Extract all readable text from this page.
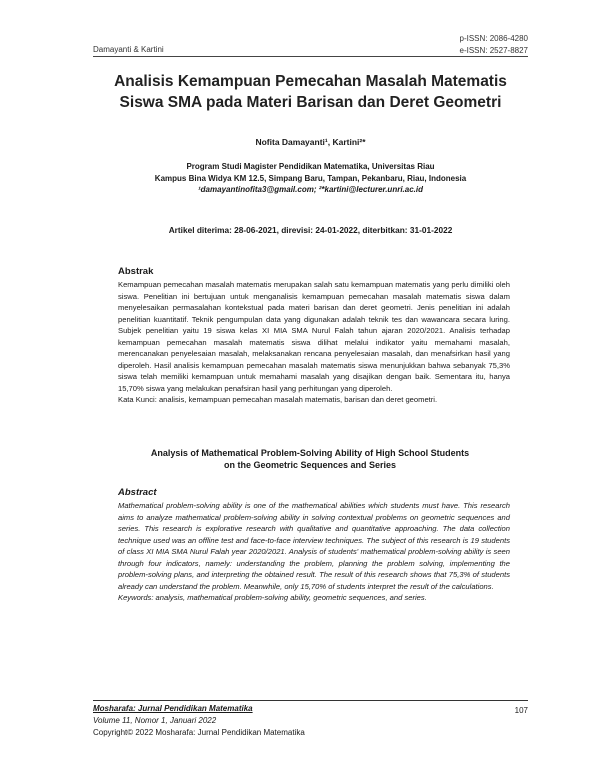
p-ISSN: 2086-4280
e-ISSN: 2527-8827
Damayanti & Kartini
Analisis Kemampuan Pemecahan Masalah Matematis
Siswa SMA pada Materi Barisan dan Deret Geometri
Nofita Damayanti¹, Kartini²*
Program Studi Magister Pendidikan Matematika, Universitas Riau
Kampus Bina Widya KM 12.5, Simpang Baru, Tampan, Pekanbaru, Riau, Indonesia
¹damayantinofita3@gmail.com; ²*kartini@lecturer.unri.ac.id
Artikel diterima: 28-06-2021, direvisi: 24-01-2022, diterbitkan: 31-01-2022
Abstrak

Kemampuan pemecahan masalah matematis merupakan salah satu kemampuan matematis yang perlu dimiliki oleh siswa. Penelitian ini bertujuan untuk menganalisis kemampuan pemecahan masalah matematis siswa dalam menyelesaikan permasalahan kontekstual pada materi barisan dan deret geometri. Jenis penelitian ini adalah penelitian kuantitatif. Teknik pengumpulan data yang digunakan adalah teknik tes dan wawancara secara luring. Subjek penelitian yaitu 19 siswa kelas XI MIA SMA Nurul Falah tahun ajaran 2020/2021. Analisis terhadap kemampuan pemecahan masalah matematis siswa dilihat melalui indikator yaitu memahami masalah, merencanakan penyelesaian masalah, melaksanakan rencana penyelesaian masalah, dan menafsirkan hasil yang diperoleh. Hasil analisis kemampuan pemecahan masalah matematis siswa menunjukkan bahwa sebanyak 75,3% siswa telah memiliki kemampuan untuk memahami masalah yang disajikan dengan baik. Sementara itu, hanya 15,70% siswa yang melakukan penafsiran hasil yang perhitungan yang diperoleh.

Kata Kunci: analisis, kemampuan pemecahan masalah matematis, barisan dan deret geometri.

Analysis of Mathematical Problem-Solving Ability of High School Students
on the Geometric Sequences and Series
Abstract

Mathematical problem-solving ability is one of the mathematical abilities which students must have. This research aims to analyze mathematical problem-solving ability in solving contextual problems on geometric sequences and series. This research is explorative research with qualitative and quantitative approaching. The data collection technique used was an offline test and face-to-face interview techniques. The subject of this research is 19 students of class XI MIA SMA Nurul Falah year 2020/2021. Analysis of students' mathematical problem-solving ability is seen through four indicators, namely: understanding the problem, planning the problem solving, implementing the problem-solving plans, and interpreting the obtained result. The result of this research shows that 75,3% of students already can understand the problem. Meanwhile, only 15,70% of students interpret the result of the calculations.

Keywords: analysis, mathematical problem-solving ability, geometric sequences, and series.

Mosharafa: Jurnal Pendidikan Matematika
Volume 11, Nomor 1, Januari 2022
Copyright© 2022 Mosharafa: Jurnal Pendidikan Matematika
107
